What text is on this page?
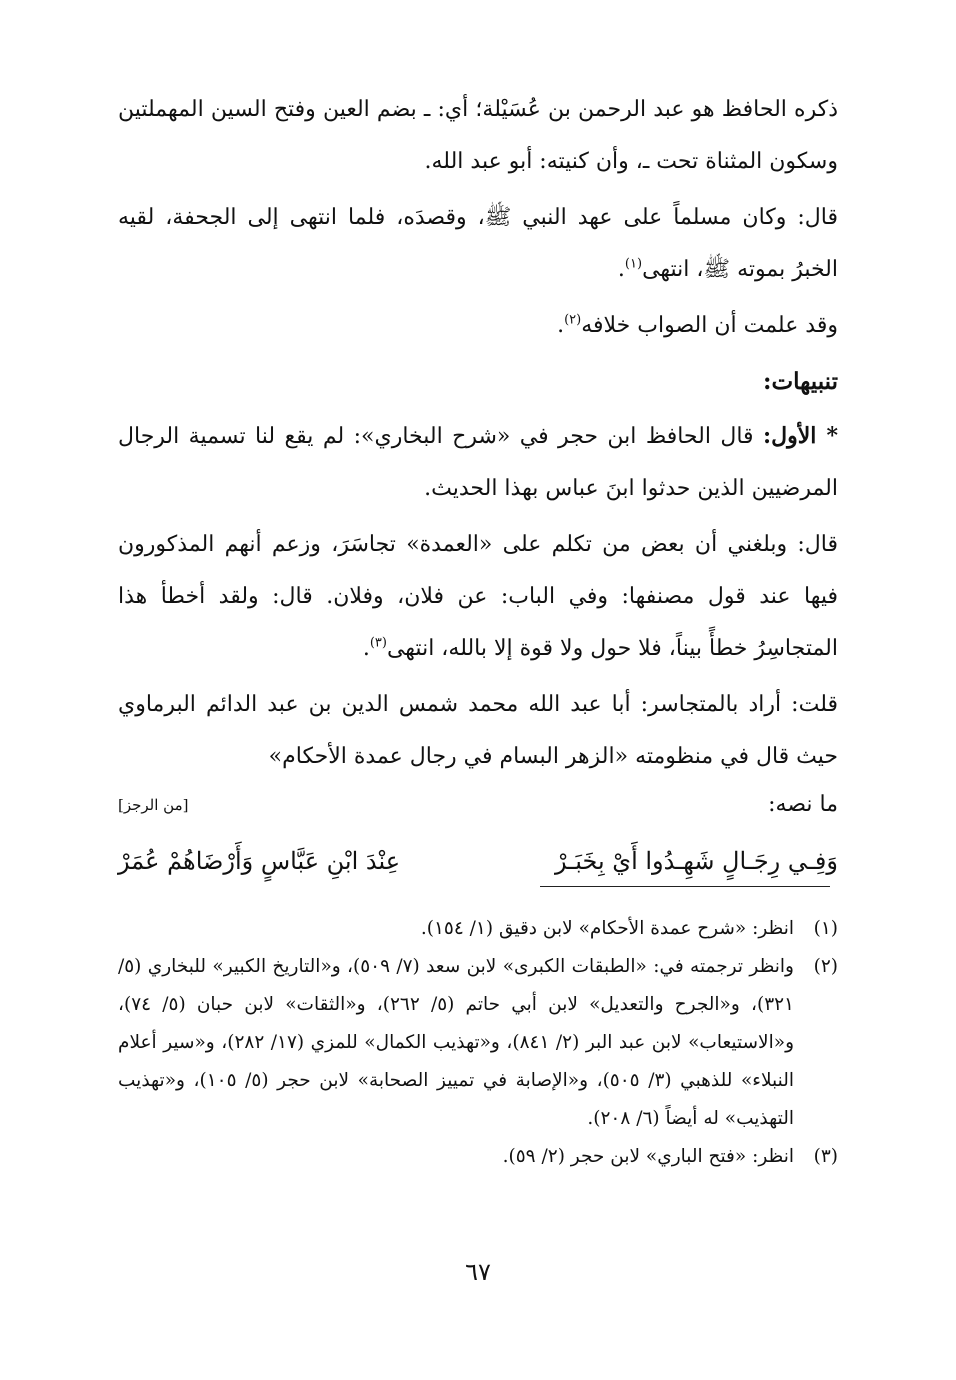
ذكره الحافظ هو عبد الرحمن بن عُسَيْلة؛ أي: ـ بضم العين وفتح السين المهملتين وسكون المثناة تحت ـ، وأن كنيته: أبو عبد الله.

قال: وكان مسلماً على عهد النبي ﷺ، وقصدَه، فلما انتهى إلى الجحفة، لقيه الخبرُ بموته ﷺ، انتهى$^{(١)}$.

وقد علمت أن الصواب خلافه$^{(٢)}$.

تنبيهات:

* الأول: قال الحافظ ابن حجر في «شرح البخاري»: لم يقع لنا تسمية الرجال المرضيين الذين حدثوا ابنَ عباس بهذا الحديث.

قال: وبلغني أن بعض من تكلم على «العمدة» تجاسَرَ، وزعم أنهم المذكورون فيها عند قول مصنفها: وفي الباب: عن فلان، وفلان. قال: ولقد أخطأ هذا المتجاسِرُ خطأً بيناً، فلا حول ولا قوة إلا بالله، انتهى$^{(٣)}$.

قلت: أراد بالمتجاسر: أبا عبد الله محمد شمس الدين بن عبد الدائم البرماوي حيث قال في منظومته «الزهر البسام في رجال عمدة الأحكام»

ما نصه:
[من الرجز]
وَفِـي رِجَـالٍ شَهِـدُوا أَيْ بِخَبَـرْ
عِنْدَ ابْنِ عَبَّاسٍ وَأَرْضَاهُمْ عُمَرْ
(١)
انظر: «شرح عمدة الأحكام» لابن دقيق (١/ ١٥٤).
(٢)
وانظر ترجمته في: «الطبقات الكبرى» لابن سعد (٧/ ٥٠٩)، و«التاريخ الكبير» للبخاري (٥/ ٣٢١)، و«الجرح والتعديل» لابن أبي حاتم (٥/ ٢٦٢)، و«الثقات» لابن حبان (٥/ ٧٤)، و«الاستيعاب» لابن عبد البر (٢/ ٨٤١)، و«تهذيب الكمال» للمزي (١٧/ ٢٨٢)، و«سير أعلام النبلاء» للذهبي (٣/ ٥٠٥)، و«الإصابة في تمييز الصحابة» لابن حجر (٥/ ١٠٥)، و«تهذيب التهذيب» له أيضاً (٦/ ٢٠٨).
(٣)
انظر: «فتح الباري» لابن حجر (٢/ ٥٩).
٦٧
